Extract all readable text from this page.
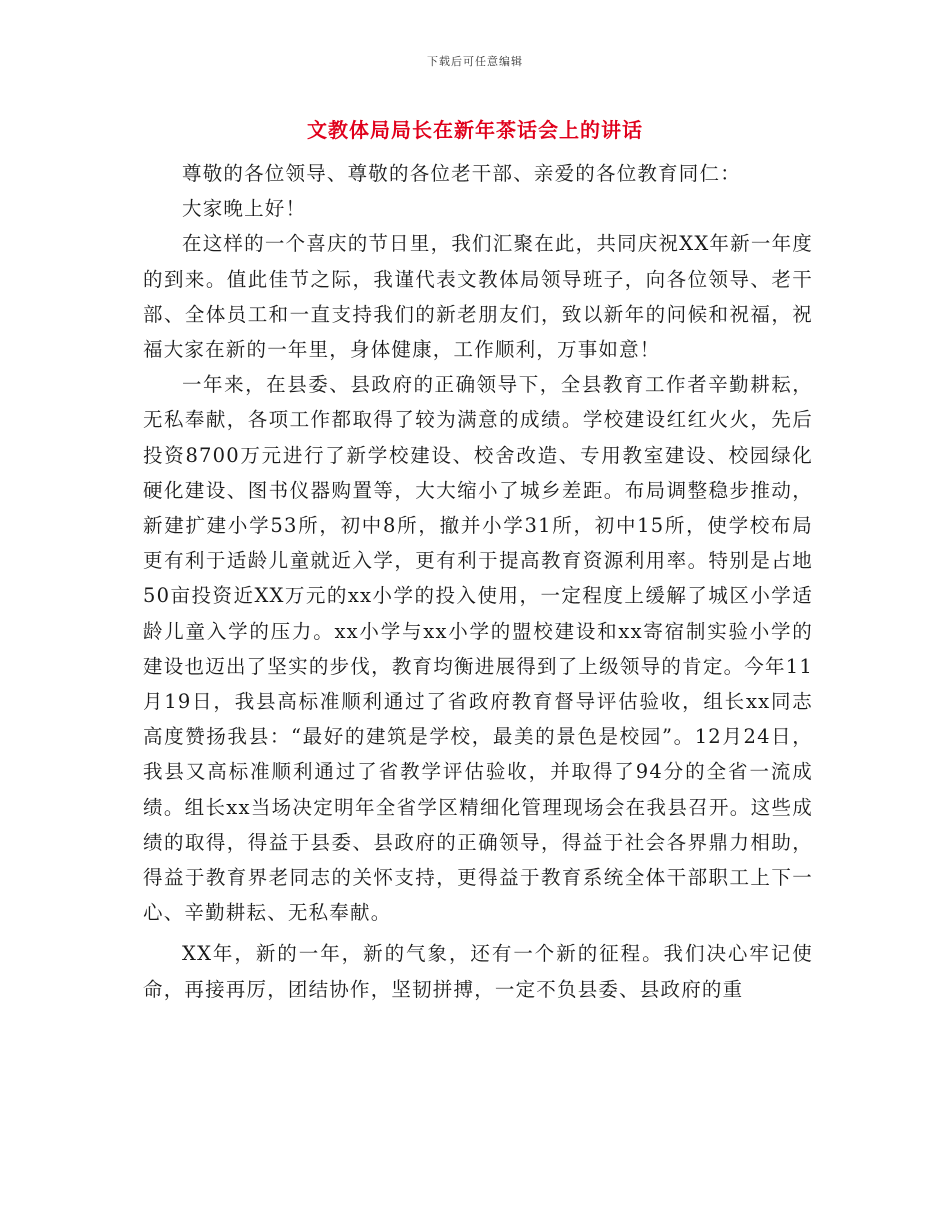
下载后可任意编辑
文教体局局长在新年茶话会上的讲话

尊敬的各位领导、尊敬的各位老干部、亲爱的各位教育同仁：

大家晚上好！

在这样的一个喜庆的节日里，我们汇聚在此，共同庆祝XX年新一年度的到来。值此佳节之际，我谨代表文教体局领导班子，向各位领导、老干部、全体员工和一直支持我们的新老朋友们，致以新年的问候和祝福，祝福大家在新的一年里，身体健康，工作顺利，万事如意！

一年来，在县委、县政府的正确领导下，全县教育工作者辛勤耕耘，无私奉献，各项工作都取得了较为满意的成绩。学校建设红红火火，先后投资8700万元进行了新学校建设、校舍改造、专用教室建设、校园绿化硬化建设、图书仪器购置等，大大缩小了城乡差距。布局调整稳步推动，新建扩建小学53所，初中8所，撤并小学31所，初中15所，使学校布局更有利于适龄儿童就近入学，更有利于提高教育资源利用率。特别是占地50亩投资近XX万元的xx小学的投入使用，一定程度上缓解了城区小学适龄儿童入学的压力。xx小学与xx小学的盟校建设和xx寄宿制实验小学的建设也迈出了坚实的步伐，教育均衡进展得到了上级领导的肯定。今年11月19日，我县高标准顺利通过了省政府教育督导评估验收，组长xx同志高度赞扬我县：“最好的建筑是学校，最美的景色是校园”。12月24日，我县又高标准顺利通过了省教学评估验收，并取得了94分的全省一流成绩。组长xx当场决定明年全省学区精细化管理现场会在我县召开。这些成绩的取得，得益于县委、县政府的正确领导，得益于社会各界鼎力相助，得益于教育界老同志的关怀支持，更得益于教育系统全体干部职工上下一心、辛勤耕耘、无私奉献。

XX年，新的一年，新的气象，还有一个新的征程。我们决心牢记使命，再接再厉，团结协作，坚韧拼搏，一定不负县委、县政府的重
